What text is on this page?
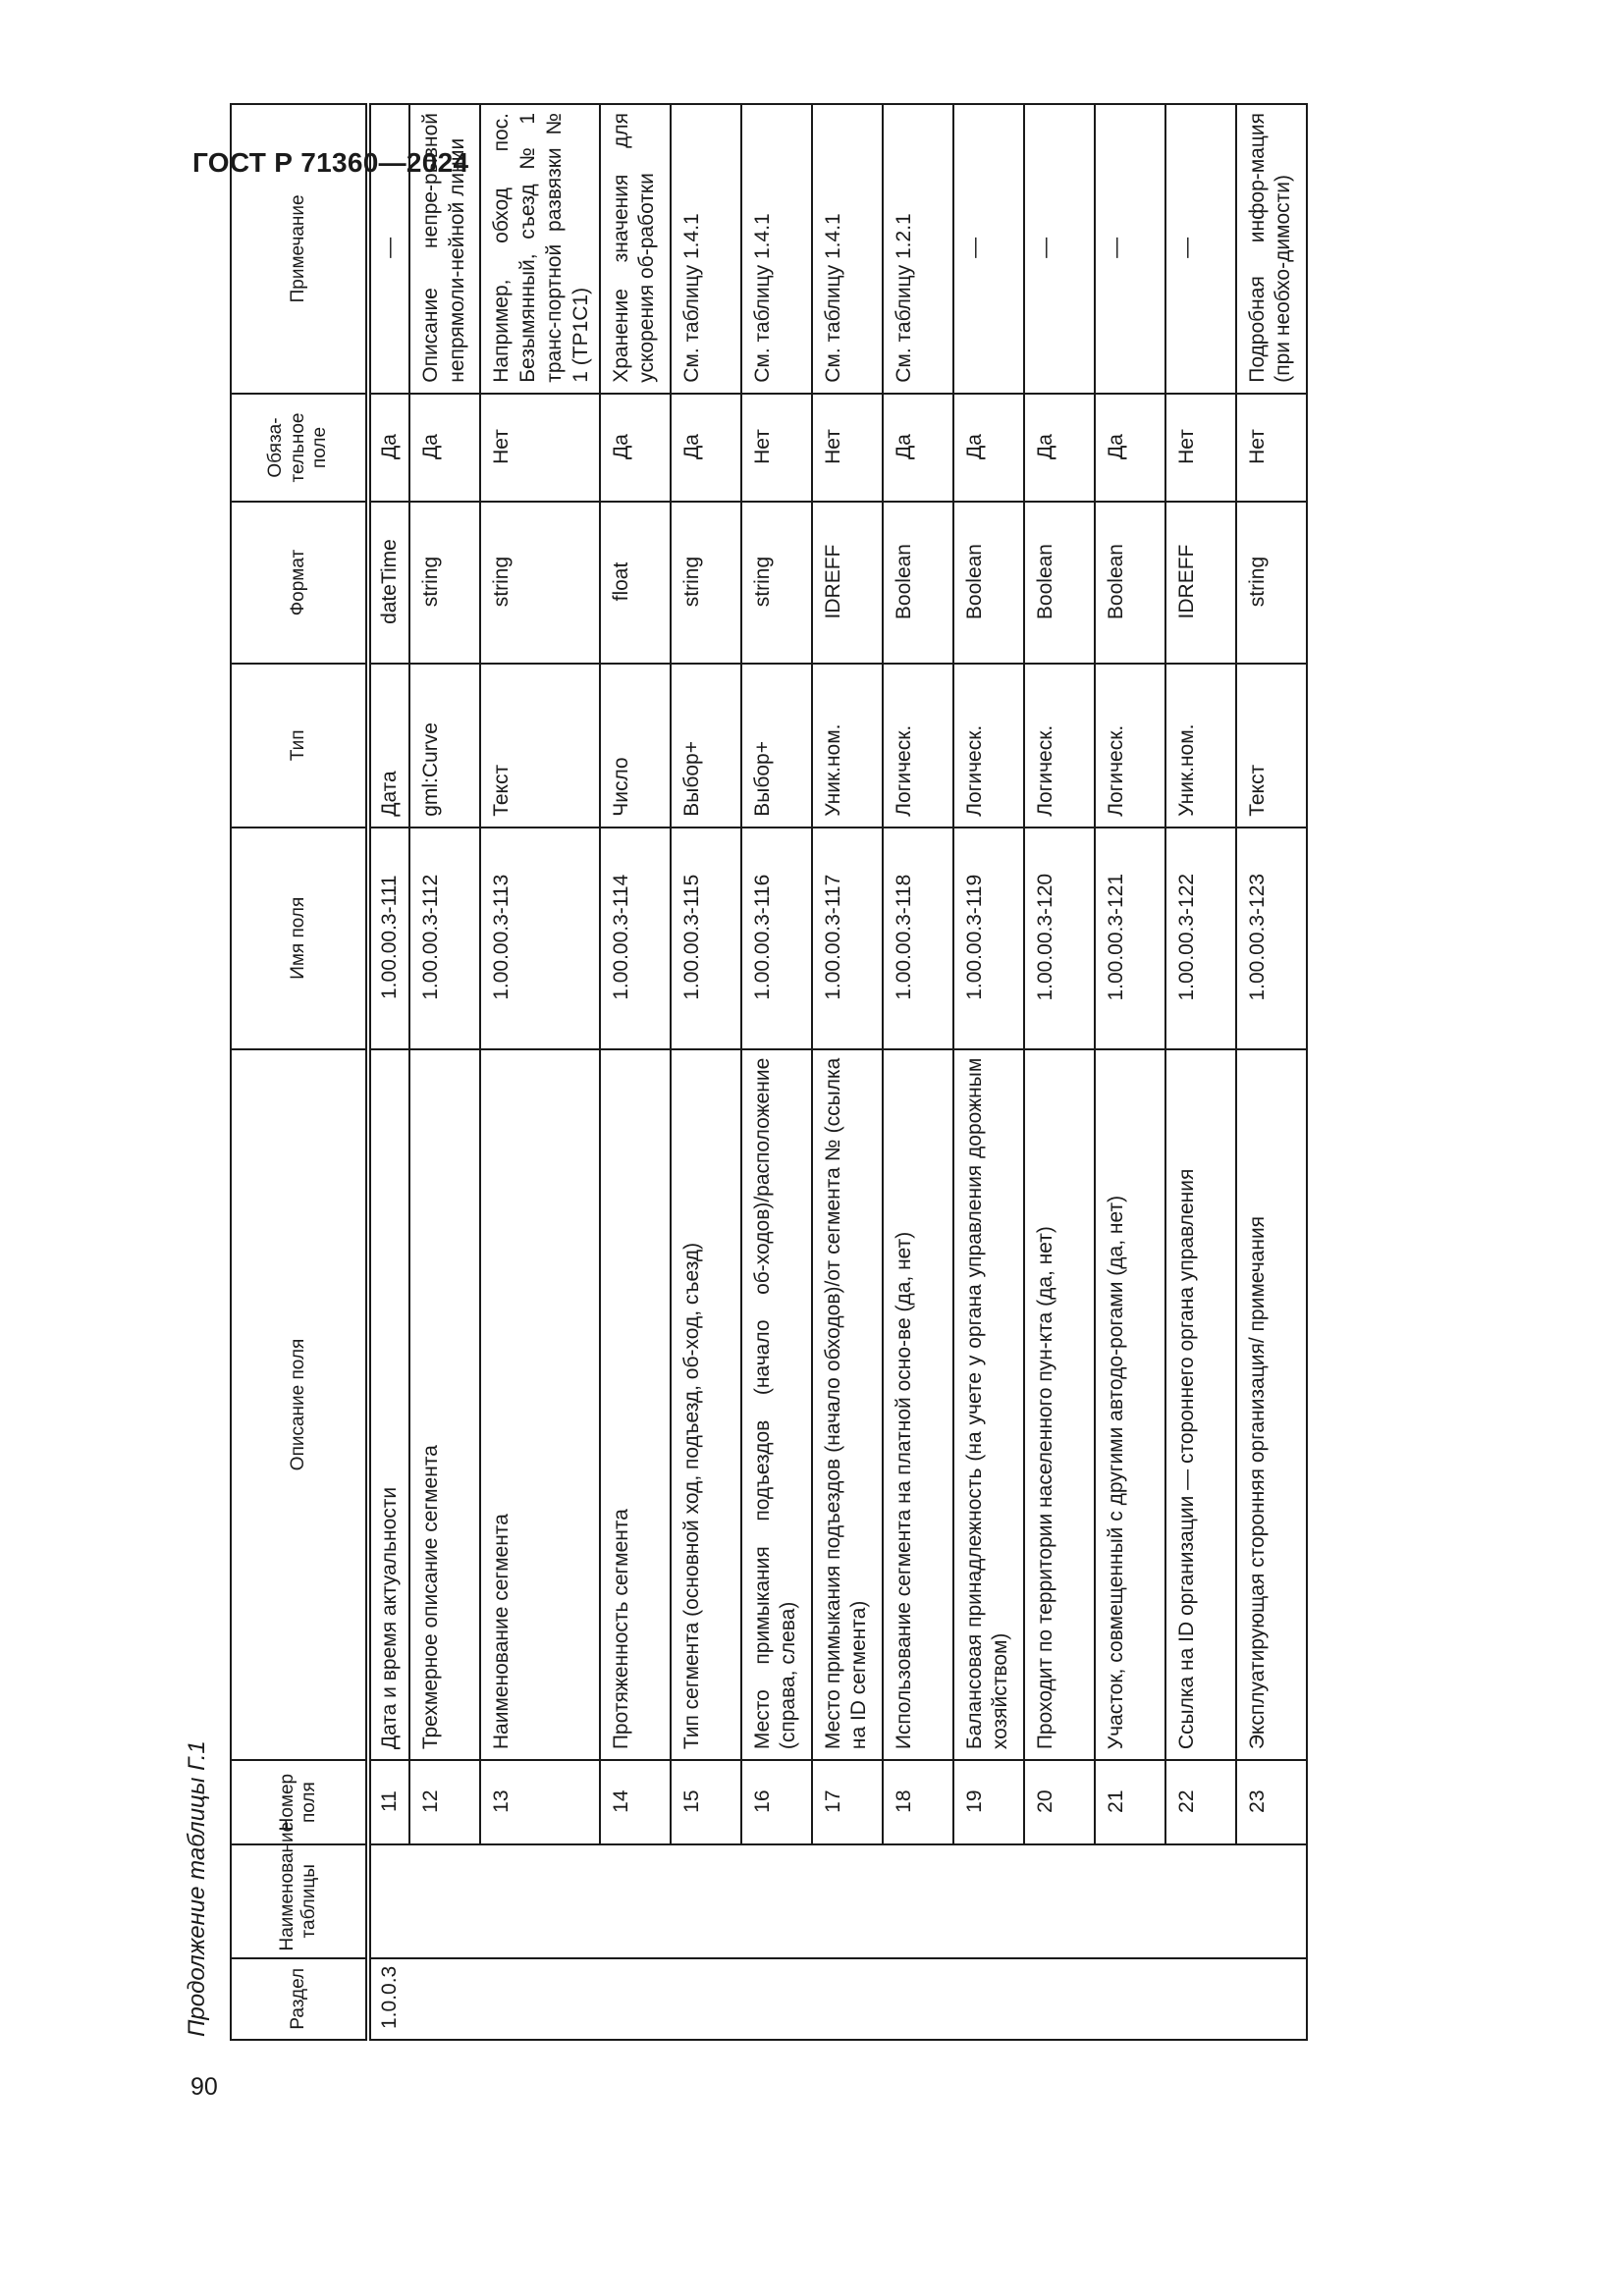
ГОСТ Р 71360—2024
90
Продолжение таблицы Г.1	Раздел	Наименование таблицы	Номер поля	Описание поля	Имя поля	Тип	Формат	Обяза-тельное поле	Примечание

1.0.0.3		11	Дата и время актуальности	1.00.00.3-111	Дата	dateTime	Да	—
		12	Трехмерное описание сегмента	1.00.00.3-112	gml:Curve	string	Да	Описание непре-рывной непрямоли-нейной линии
		13	Наименование сегмента	1.00.00.3-113	Текст	string	Нет	Например, обход пос. Безымянный, съезд № 1 транс-портной развязки № 1 (ТР1С1)
		14	Протяженность сегмента	1.00.00.3-114	Число	float	Да	Хранение значения для ускорения об-работки
		15	Тип сегмента (основной ход, подъезд, об-ход, съезд)	1.00.00.3-115	Выбор+	string	Да	См. таблицу 1.4.1
		16	Место примыкания подъездов (начало об-ходов)/расположение (справа, слева)	1.00.00.3-116	Выбор+	string	Нет	См. таблицу 1.4.1
		17	Место примыкания подъездов (начало обходов)/от сегмента № (ссылка на ID сегмента)	1.00.00.3-117	Уник.ном.	IDREFF	Нет	См. таблицу 1.4.1
		18	Использование сегмента на платной осно-ве (да, нет)	1.00.00.3-118	Логическ.	Boolean	Да	См. таблицу 1.2.1
		19	Балансовая принадлежность (на учете у органа управления дорожным хозяйством)	1.00.00.3-119	Логическ.	Boolean	Да	—
		20	Проходит по территории населенного пун-кта (да, нет)	1.00.00.3-120	Логическ.	Boolean	Да	—
		21	Участок, совмещенный с другими автодо-рогами (да, нет)	1.00.00.3-121	Логическ.	Boolean	Да	—
		22	Ссылка на ID организации — стороннего органа управления	1.00.00.3-122	Уник.ном.	IDREFF	Нет	—
		23	Эксплуатирующая сторонняя организация/ примечания	1.00.00.3-123	Текст	string	Нет	Подробная инфор-мация (при необхо-димости)
